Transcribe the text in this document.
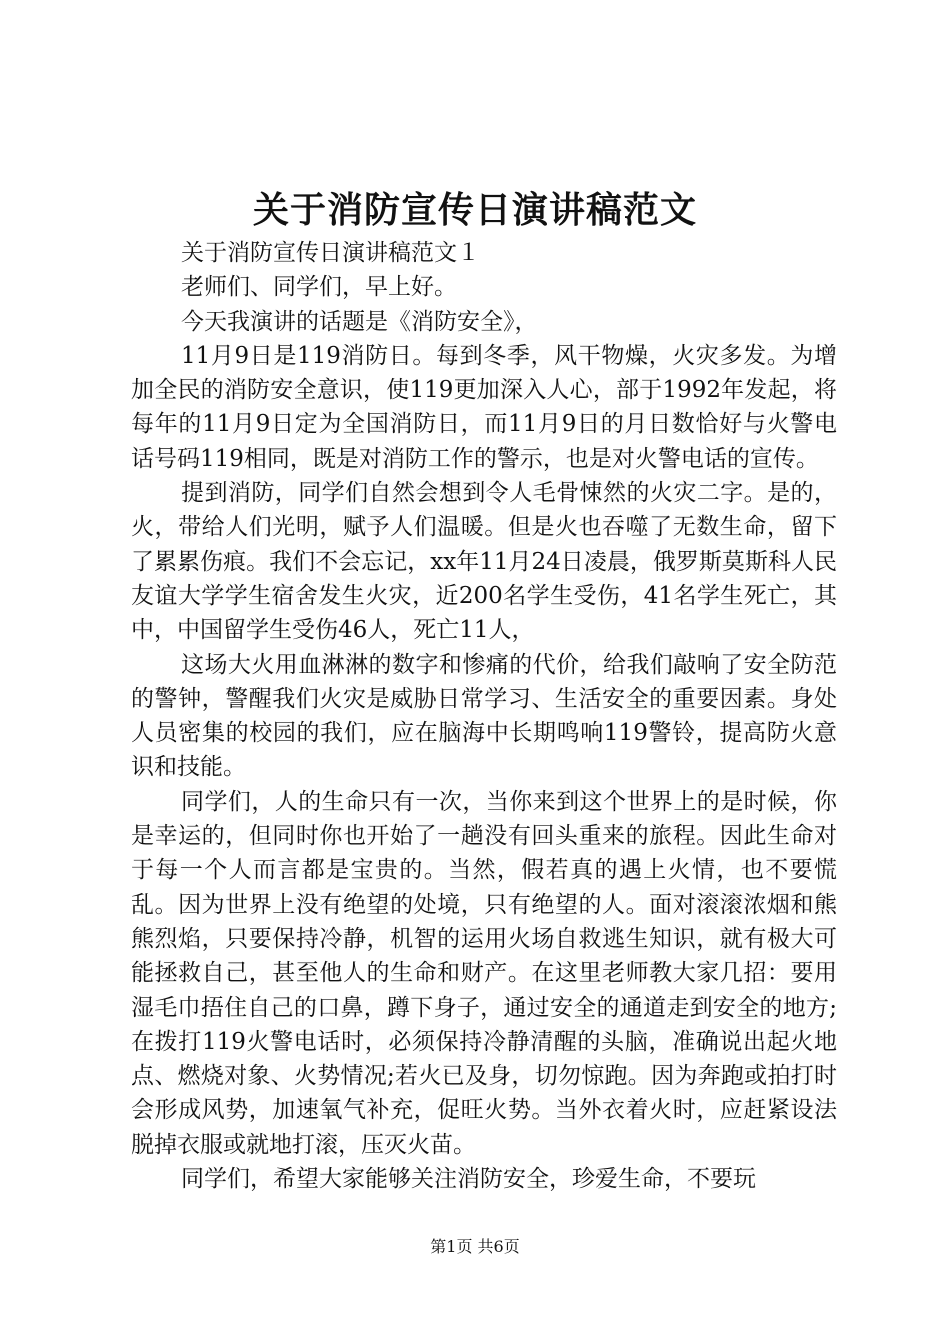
关于消防宣传日演讲稿范文

关于消防宣传日演讲稿范文１

老师们、同学们，早上好。

今天我演讲的话题是《消防安全》，

11月9日是119消防日。每到冬季，风干物燥，火灾多发。为增加全民的消防安全意识，使119更加深入人心，部于1992年发起，将每年的11月9日定为全国消防日，而11月9日的月日数恰好与火警电话号码119相同，既是对消防工作的警示，也是对火警电话的宣传。

提到消防，同学们自然会想到令人毛骨悚然的火灾二字。是的，火，带给人们光明，赋予人们温暖。但是火也吞噬了无数生命，留下了累累伤痕。我们不会忘记，xx年11月24日凌晨，俄罗斯莫斯科人民友谊大学学生宿舍发生火灾，近200名学生受伤，41名学生死亡，其中，中国留学生受伤46人，死亡11人，

这场大火用血淋淋的数字和惨痛的代价，给我们敲响了安全防范的警钟，警醒我们火灾是威胁日常学习、生活安全的重要因素。身处人员密集的校园的我们，应在脑海中长期鸣响119警铃，提高防火意识和技能。

同学们，人的生命只有一次，当你来到这个世界上的是时候，你是幸运的，但同时你也开始了一趟没有回头重来的旅程。因此生命对于每一个人而言都是宝贵的。当然，假若真的遇上火情，也不要慌乱。因为世界上没有绝望的处境，只有绝望的人。面对滚滚浓烟和熊熊烈焰，只要保持冷静，机智的运用火场自救逃生知识，就有极大可能拯救自己，甚至他人的生命和财产。在这里老师教大家几招：要用湿毛巾捂住自己的口鼻，蹲下身子，通过安全的通道走到安全的地方;在拨打119火警电话时，必须保持冷静清醒的头脑，准确说出起火地点、燃烧对象、火势情况;若火已及身，切勿惊跑。因为奔跑或拍打时会形成风势，加速氧气补充，促旺火势。当外衣着火时，应赶紧设法脱掉衣服或就地打滚，压灭火苗。

同学们，希望大家能够关注消防安全，珍爱生命，不要玩

第1页 共6页
